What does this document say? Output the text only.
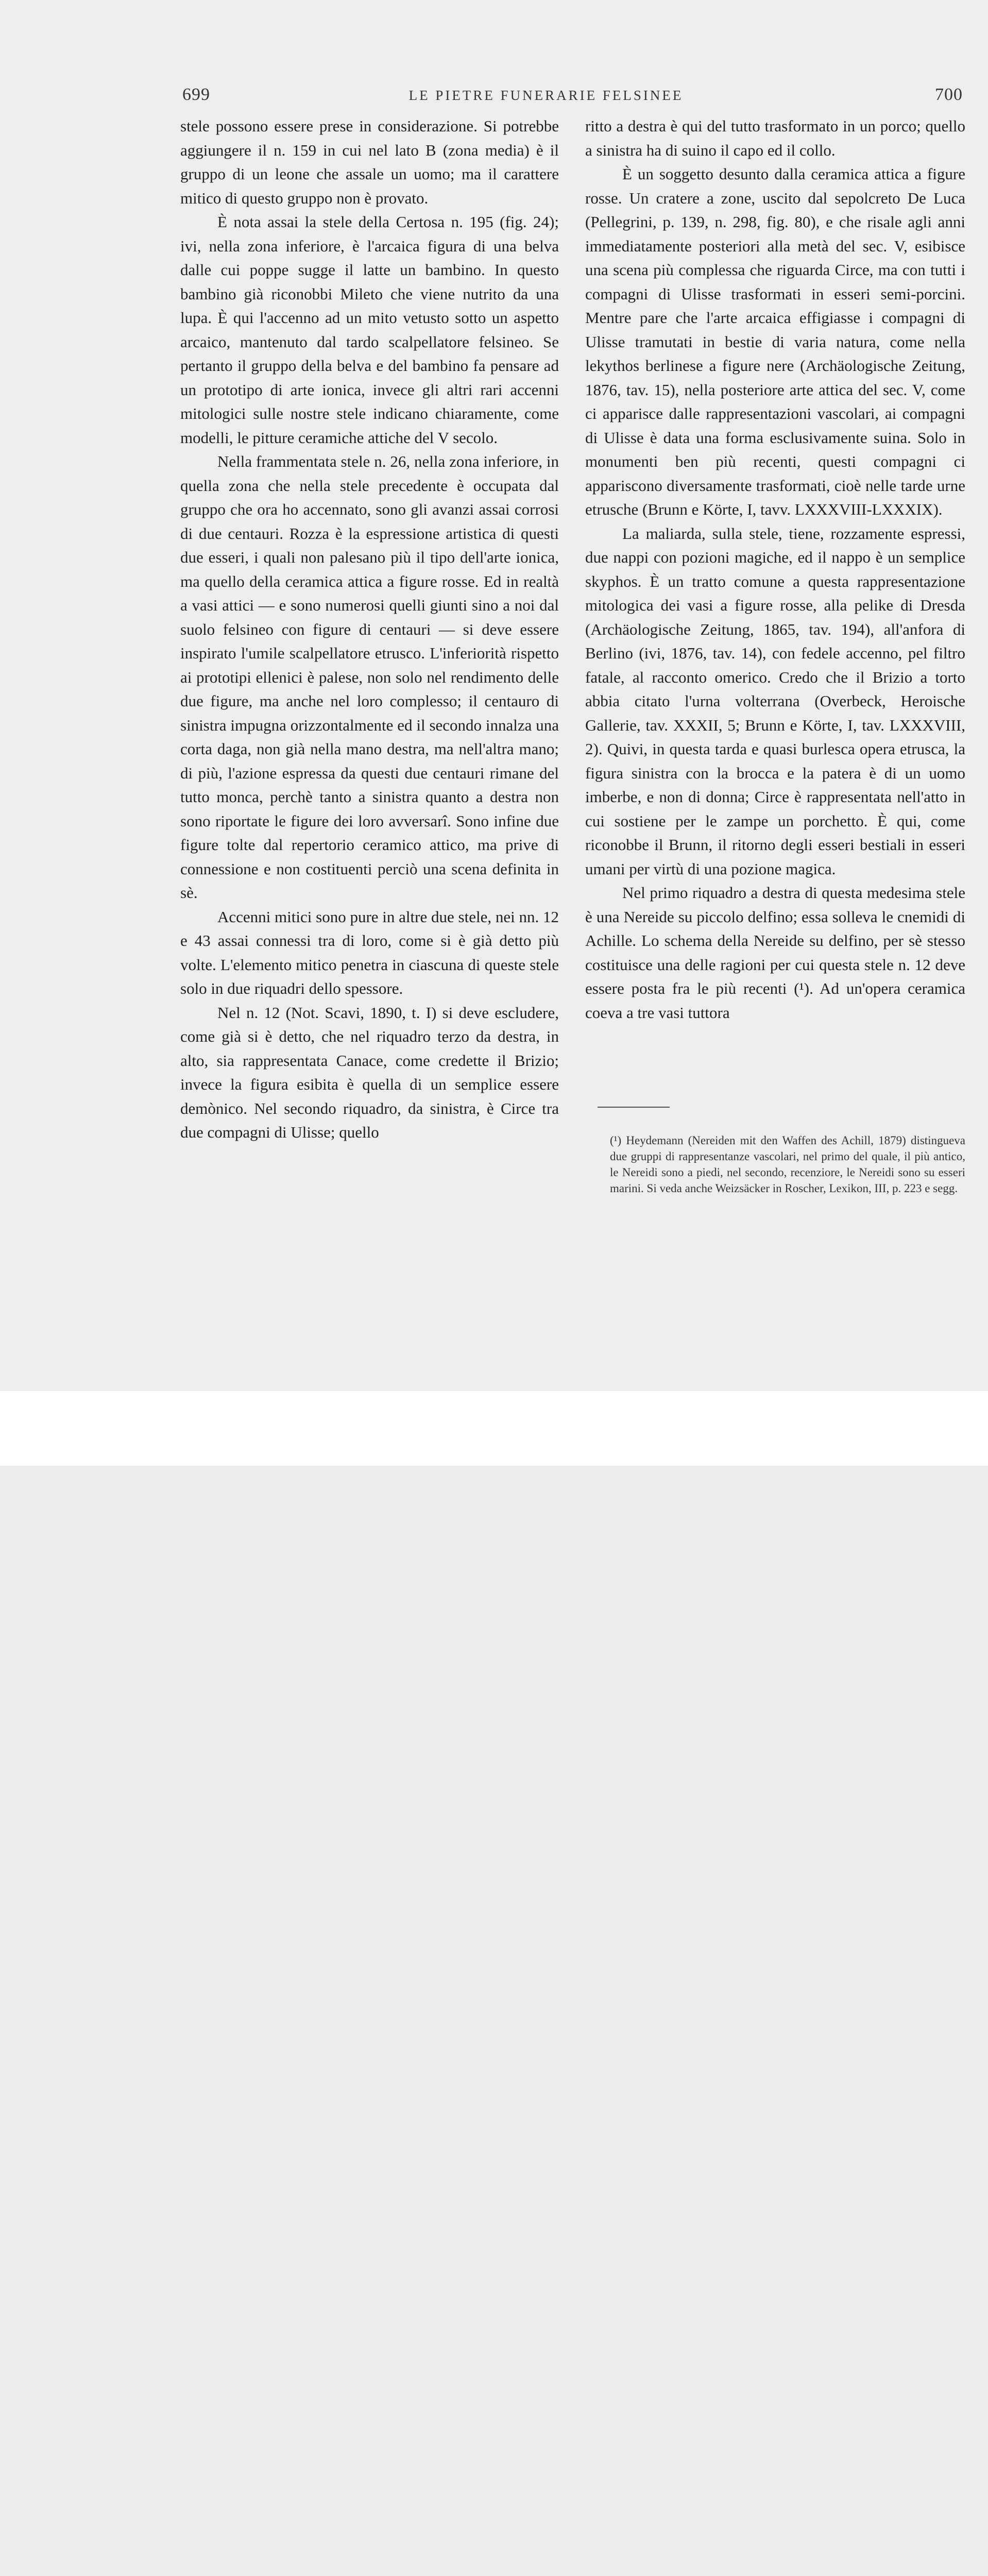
699	LE PIETRE FUNERARIE FELSINEE	700

stele possono essere prese in considerazione. Si potrebbe aggiungere il n. 159 in cui nel lato B (zona media) è il gruppo di un leone che assale un uomo; ma il carattere mitico di questo gruppo non è provato.

È nota assai la stele della Certosa n. 195 (fig. 24); ivi, nella zona inferiore, è l'arcaica figura di una belva dalle cui poppe sugge il latte un bambino. In questo bambino già riconobbi Mileto che viene nutrito da una lupa. È qui l'accenno ad un mito vetusto sotto un aspetto arcaico, mantenuto dal tardo scalpellatore felsineo. Se pertanto il gruppo della belva e del bambino fa pensare ad un prototipo di arte ionica, invece gli altri rari accenni mitologici sulle nostre stele indicano chiaramente, come modelli, le pitture ceramiche attiche del V secolo.

Nella frammentata stele n. 26, nella zona inferiore, in quella zona che nella stele precedente è occupata dal gruppo che ora ho accennato, sono gli avanzi assai corrosi di due centauri. Rozza è la espressione artistica di questi due esseri, i quali non palesano più il tipo dell'arte ionica, ma quello della ceramica attica a figure rosse. Ed in realtà a vasi attici — e sono numerosi quelli giunti sino a noi dal suolo felsineo con figure di centauri — si deve essere inspirato l'umile scalpellatore etrusco. L'inferiorità rispetto ai prototipi ellenici è palese, non solo nel rendimento delle due figure, ma anche nel loro complesso; il centauro di sinistra impugna orizzontalmente ed il secondo innalza una corta daga, non già nella mano destra, ma nell'altra mano; di più, l'azione espressa da questi due centauri rimane del tutto monca, perchè tanto a sinistra quanto a destra non sono riportate le figure dei loro avversarî. Sono infine due figure tolte dal repertorio ceramico attico, ma prive di connessione e non costituenti perciò una scena definita in sè.

Accenni mitici sono pure in altre due stele, nei nn. 12 e 43 assai connessi tra di loro, come si è già detto più volte. L'elemento mitico penetra in ciascuna di queste stele solo in due riquadri dello spessore.

Nel n. 12 (Not. Scavi, 1890, t. I) si deve escludere, come già si è detto, che nel riquadro terzo da destra, in alto, sia rappresentata Canace, come credette il Brizio; invece la figura esibita è quella di un semplice essere demònico. Nel secondo riquadro, da sinistra, è Circe tra due compagni di Ulisse; quello

ritto a destra è qui del tutto trasformato in un porco; quello a sinistra ha di suino il capo ed il collo.

È un soggetto desunto dalla ceramica attica a figure rosse. Un cratere a zone, uscito dal sepolcreto De Luca (Pellegrini, p. 139, n. 298, fig. 80), e che risale agli anni immediatamente posteriori alla metà del sec. V, esibisce una scena più complessa che riguarda Circe, ma con tutti i compagni di Ulisse trasformati in esseri semi-porcini. Mentre pare che l'arte arcaica effigiasse i compagni di Ulisse tramutati in bestie di varia natura, come nella lekythos berlinese a figure nere (Archäologische Zeitung, 1876, tav. 15), nella posteriore arte attica del sec. V, come ci apparisce dalle rappresentazioni vascolari, ai compagni di Ulisse è data una forma esclusivamente suina. Solo in monumenti ben più recenti, questi compagni ci appariscono diversamente trasformati, cioè nelle tarde urne etrusche (Brunn e Körte, I, tavv. LXXXVIII-LXXXIX).

La maliarda, sulla stele, tiene, rozzamente espressi, due nappi con pozioni magiche, ed il nappo è un semplice skyphos. È un tratto comune a questa rappresentazione mitologica dei vasi a figure rosse, alla pelike di Dresda (Archäologische Zeitung, 1865, tav. 194), all'anfora di Berlino (ivi, 1876, tav. 14), con fedele accenno, pel filtro fatale, al racconto omerico. Credo che il Brizio a torto abbia citato l'urna volterrana (Overbeck, Heroische Gallerie, tav. XXXII, 5; Brunn e Körte, I, tav. LXXXVIII, 2). Quivi, in questa tarda e quasi burlesca opera etrusca, la figura sinistra con la brocca e la patera è di un uomo imberbe, e non di donna; Circe è rappresentata nell'atto in cui sostiene per le zampe un porchetto. È qui, come riconobbe il Brunn, il ritorno degli esseri bestiali in esseri umani per virtù di una pozione magica.

Nel primo riquadro a destra di questa medesima stele è una Nereide su piccolo delfino; essa solleva le cnemidi di Achille. Lo schema della Nereide su delfino, per sè stesso costituisce una delle ragioni per cui questa stele n. 12 deve essere posta fra le più recenti (¹). Ad un'opera ceramica coeva a tre vasi tuttora

(¹) Heydemann (Nereiden mit den Waffen des Achill, 1879) distingueva due gruppi di rappresentanze vascolari, nel primo del quale, il più antico, le Nereidi sono a piedi, nel secondo, recenziore, le Nereidi sono su esseri marini. Si veda anche Weizsäcker in Roscher, Lexikon, III, p. 223 e segg.
